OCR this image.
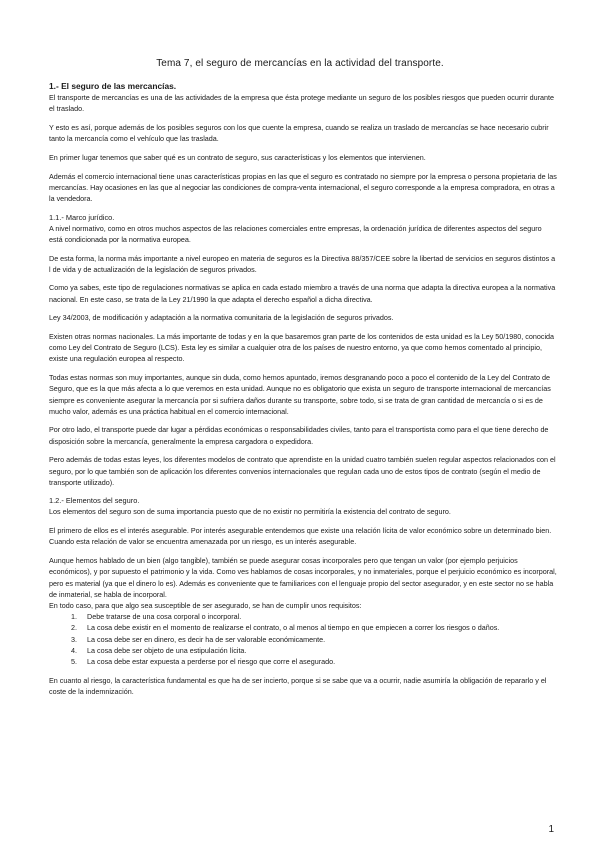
Tema 7, el seguro de mercancías en la actividad del transporte.
1.- El seguro de las mercancías.

El transporte de mercancías es una de las actividades de la empresa que ésta protege mediante un seguro de los posibles riesgos que pueden ocurrir durante el traslado.

Y esto es así, porque además de los posibles seguros con los que cuente la empresa, cuando se realiza un traslado de mercancías se hace necesario cubrir tanto la mercancía como el vehículo que las traslada.

En primer lugar tenemos que saber qué es un contrato de seguro, sus características y los elementos que intervienen.

Además el comercio internacional tiene unas características propias en las que el seguro es contratado no siempre por la empresa o persona propietaria de las mercancías. Hay ocasiones en las que al negociar las condiciones de compra-venta internacional, el seguro corresponde a la empresa compradora, en otras a la vendedora.

1.1.- Marco jurídico.

A nivel normativo, como en otros muchos aspectos de las relaciones comerciales entre empresas, la ordenación jurídica de diferentes aspectos del seguro está condicionada por la normativa europea.

De esta forma, la norma más importante a nivel europeo en materia de seguros es la Directiva 88/357/CEE sobre la libertad de servicios en seguros distintos a l de vida y de actualización de la legislación de seguros privados.

Como ya sabes, este tipo de regulaciones normativas se aplica en cada estado miembro a través de una norma que adapta la directiva europea a la normativa nacional. En este caso, se trata de la Ley 21/1990 la que adapta el derecho español a dicha directiva.

Ley 34/2003, de modificación y adaptación a la normativa comunitaria de la legislación de seguros privados.

Existen otras normas nacionales. La más importante de todas y en la que basaremos gran parte de los contenidos de esta unidad es la Ley 50/1980, conocida como Ley del Contrato de Seguro (LCS). Esta ley es similar a cualquier otra de los países de nuestro entorno, ya que como hemos comentado al principio, existe una regulación europea al respecto.

Todas estas normas son muy importantes, aunque sin duda, como hemos apuntado, iremos desgranando poco a poco el contenido de la Ley del Contrato de Seguro, que es la que más afecta a lo que veremos en esta unidad. Aunque no es obligatorio que exista un seguro de transporte internacional de mercancías siempre es conveniente asegurar la mercancía por si sufriera daños durante su transporte, sobre todo, si se trata de gran cantidad de mercancía o si es de mucho valor, además es una práctica habitual en el comercio internacional.

Por otro lado, el transporte puede dar lugar a pérdidas económicas o responsabilidades civiles, tanto para el transportista como para el que tiene derecho de disposición sobre la mercancía, generalmente la empresa cargadora o expedidora.

Pero además de todas estas leyes, los diferentes modelos de contrato que aprendiste en la unidad cuatro también suelen regular aspectos relacionados con el seguro, por lo que también son de aplicación los diferentes convenios internacionales que regulan cada uno de estos tipos de contrato (según el medio de transporte utilizado).

1.2.- Elementos del seguro.

Los elementos del seguro son de suma importancia puesto que de no existir no permitiría la existencia del contrato de seguro.

El primero de ellos es el interés asegurable. Por interés asegurable entendemos que existe una relación lícita de valor económico sobre un determinado bien. Cuando esta relación de valor se encuentra amenazada por un riesgo, es un interés asegurable.

Aunque hemos hablado de un bien (algo tangible), también se puede asegurar cosas incorporales pero que tengan un valor (por ejemplo perjuicios económicos), y por supuesto el patrimonio y la vida. Como ves hablamos de cosas incorporales, y no inmateriales, porque el perjuicio económico es incorporal, pero es material (ya que el dinero lo es). Además es conveniente que te familiarices con el lenguaje propio del sector asegurador, y en este sector no se habla de inmaterial, se habla de incorporal.

En todo caso, para que algo sea susceptible de ser asegurado, se han de cumplir unos requisitos:

1. Debe tratarse de una cosa corporal o incorporal.
2. La cosa debe existir en el momento de realizarse el contrato, o al menos al tiempo en que empiecen a correr los riesgos o daños.
3. La cosa debe ser en dinero, es decir ha de ser valorable económicamente.
4. La cosa debe ser objeto de una estipulación lícita.
5. La cosa debe estar expuesta a perderse por el riesgo que corre el asegurado.

En cuanto al riesgo, la característica fundamental es que ha de ser incierto, porque si se sabe que va a ocurrir, nadie asumiría la obligación de repararlo y el coste de la indemnización.

1
